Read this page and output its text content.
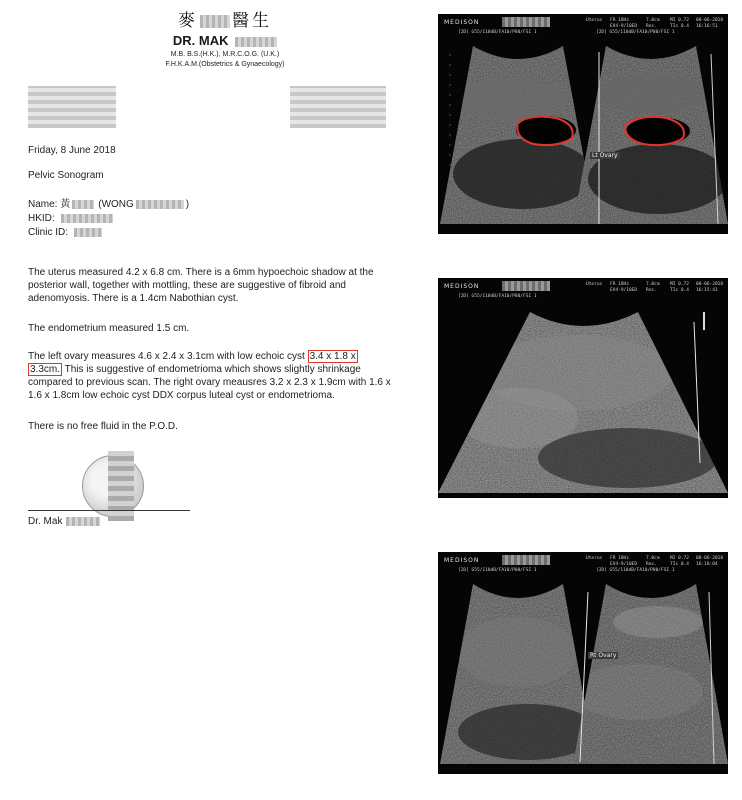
麥 醫生
DR. MAK
M.B. B.S.(H.K.), M.R.C.O.G. (U.K.)
F.H.K.A.M.(Obstetrics & Gynaecology)
Friday, 8 June 2018
Pelvic Sonogram
Name: 黃	(WONG	)
HKID:
Clinic ID:
The uterus measured 4.2 x 6.8 cm. There is a 6mm hypoechoic shadow at the posterior wall, together with mottling, these are suggestive of fibroid and adenomyosis. There is a 1.4cm Nabothian cyst.
The endometrium measured 1.5 cm.
The left ovary measures 4.6 x 2.4 x 3.1cm with low echoic cyst 3.4 x 1.8 x 3.3cm. This is suggestive of endometrioma which shows slightly shrinkage compared to previous scan. The right ovary meausres 3.2 x 2.3 x 1.9cm with 1.6 x 1.6 x 1.8cm low echoic cyst DDX corpus luteal cyst or endometrioma.
There is no free fluid in the P.O.D.
Dr. Mak
MEDISON	Uterus FR 18Hz
EV4-9/10ED
7.0cm
Res.
MI 0.72
TIs 0.4
08-06-2018
16:16:51
[2D] G55/110dB/FA10/P80/FSI 1	[2D] G55/110dB/FA10/P80/FSI 1
Lt Ovary
MEDISON	Uterus FR 18Hz
EV4-9/10ED
7.0cm
Res.
MI 0.72
TIs 0.4
08-06-2018
16:15:41
[2D] G55/110dB/FA10/P80/FSI 1
MEDISON	Uterus FR 18Hz
EV4-9/10ED
7.0cm
Res.
MI 0.72
TIs 0.4
08-06-2018
16:18:04
[2D] G55/110dB/FA10/P80/FSI 1	[2D] G55/110dB/FA10/P80/FSI 1
Rt Ovary
